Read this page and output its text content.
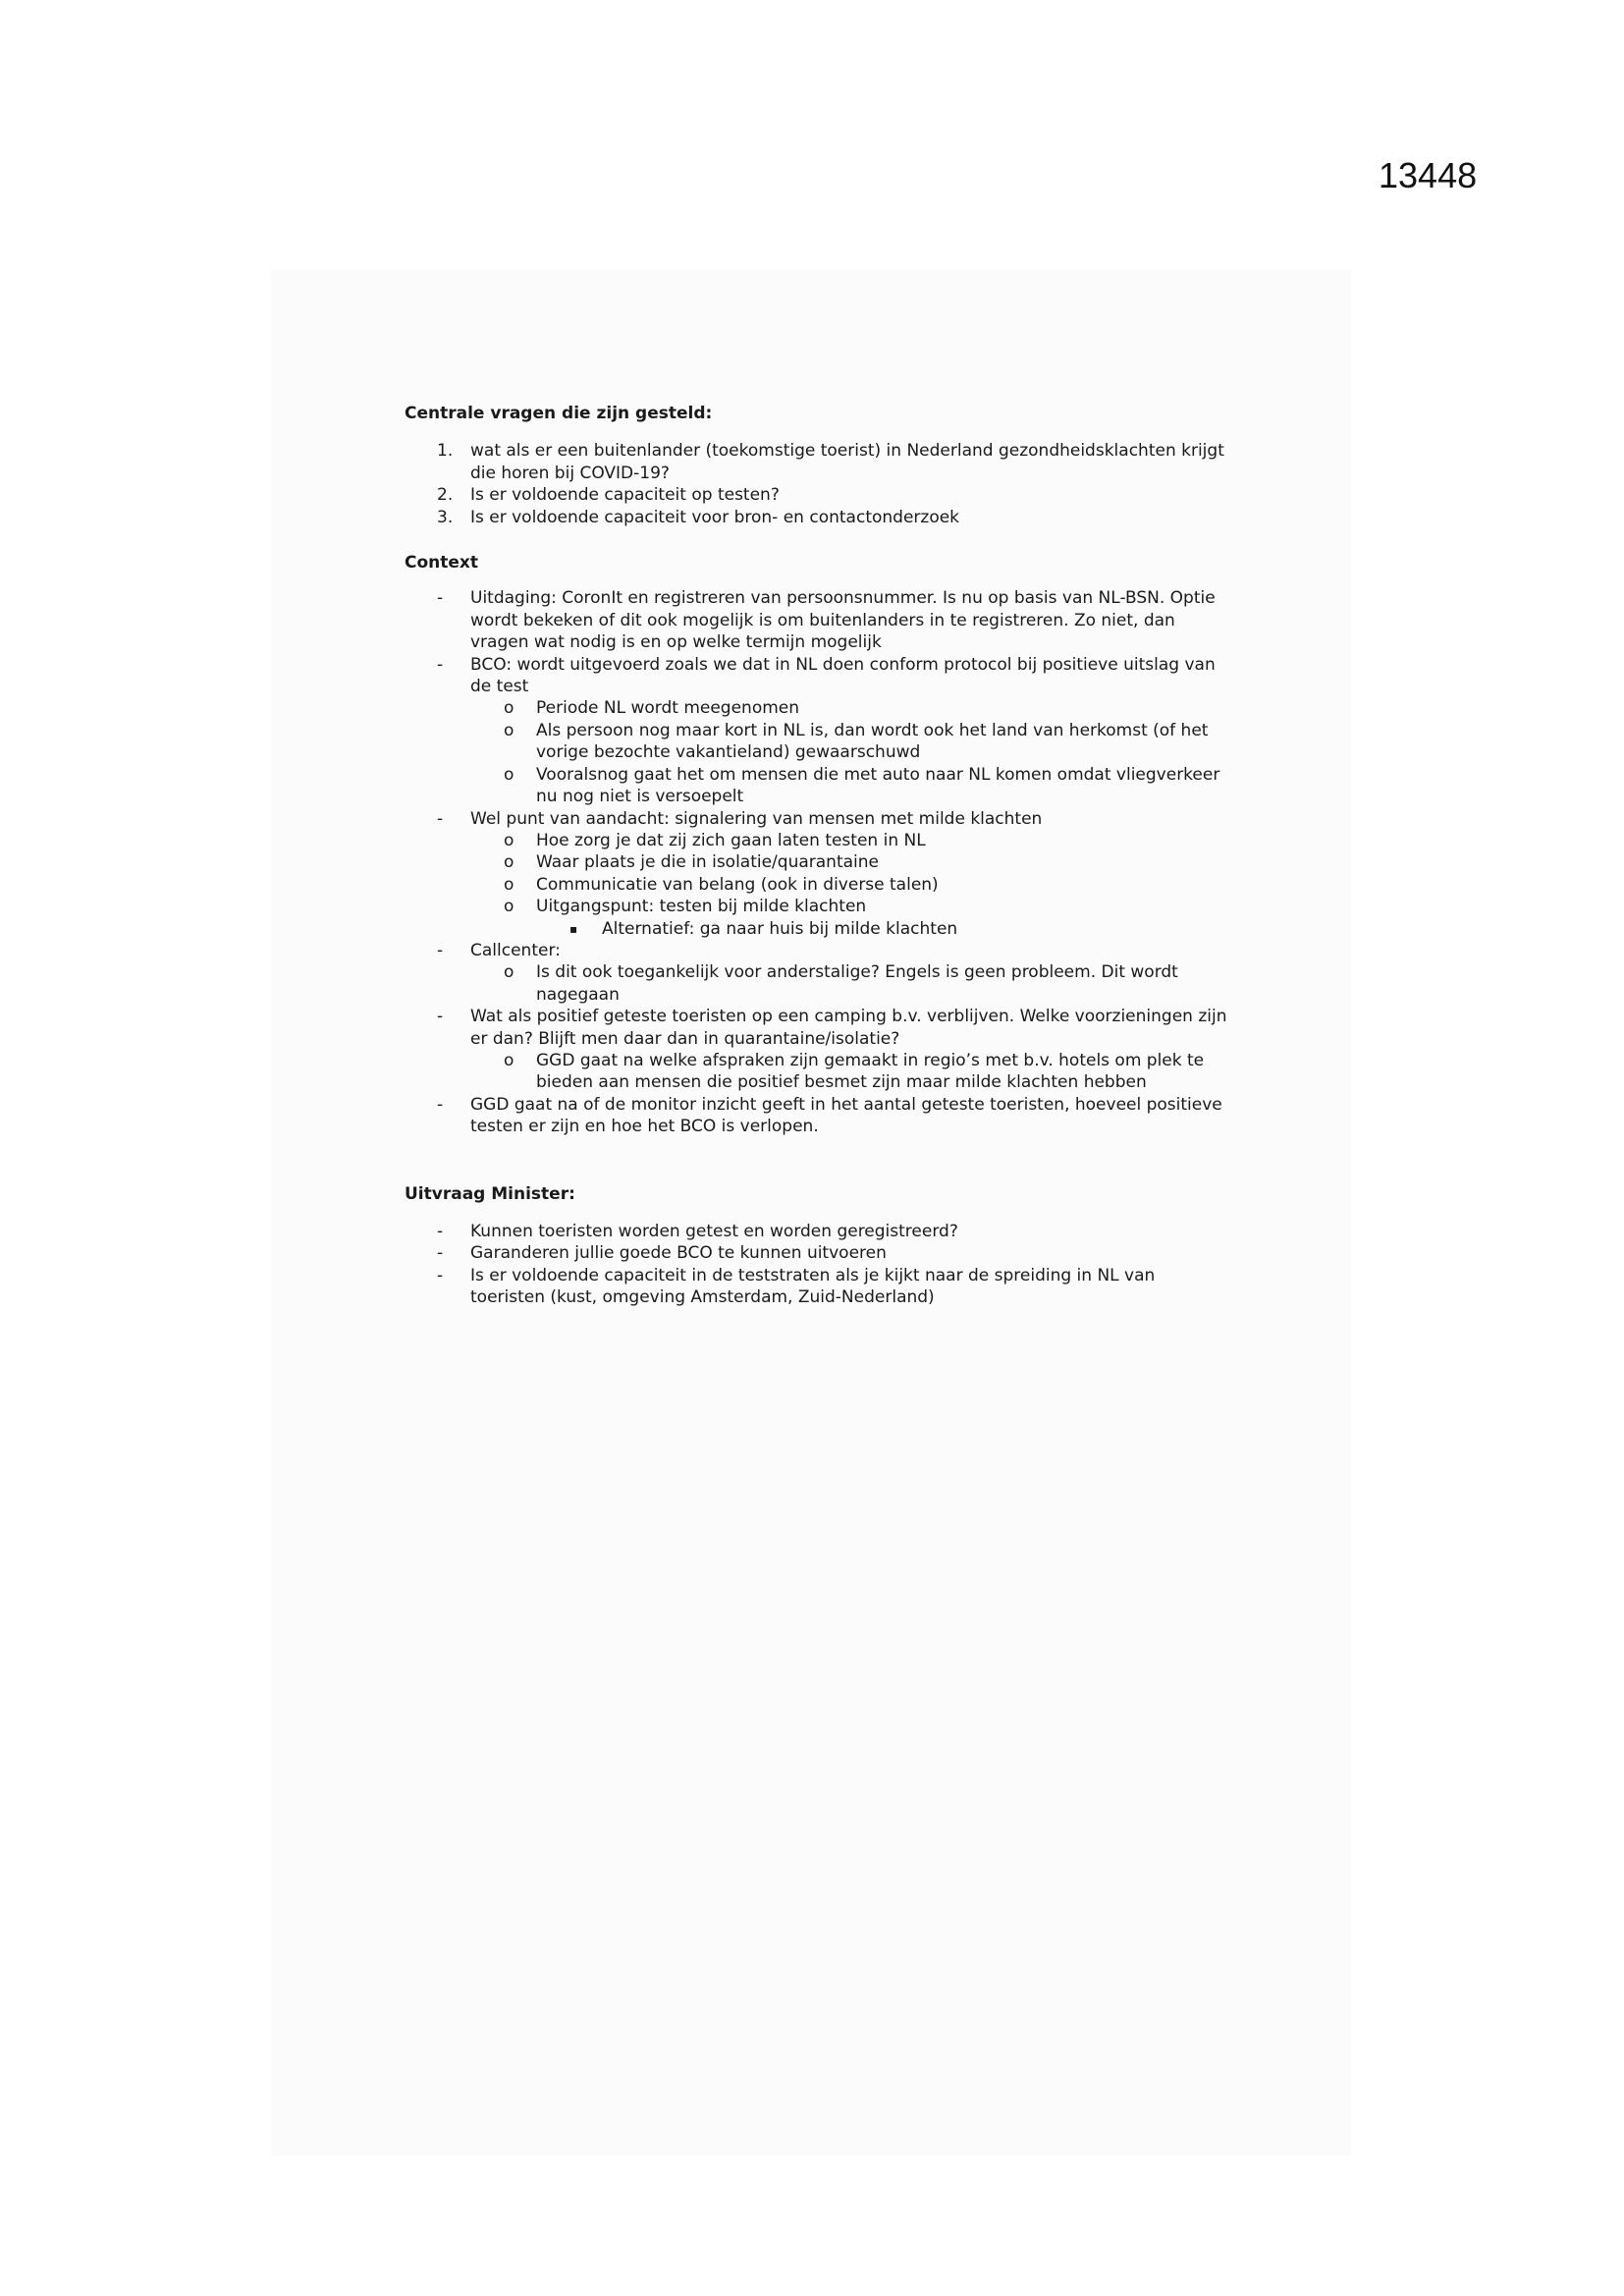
13448

Centrale vragen die zijn gesteld:

1. wat als er een buitenlander (toekomstige toerist) in Nederland gezondheidsklachten krijgt die horen bij COVID-19?
2. Is er voldoende capaciteit op testen?
3. Is er voldoende capaciteit voor bron- en contactonderzoek

Context

- Uitdaging: CoronIt en registreren van persoonsnummer. Is nu op basis van NL-BSN. Optie wordt bekeken of dit ook mogelijk is om buitenlanders in te registreren. Zo niet, dan vragen wat nodig is en op welke termijn mogelijk
- BCO: wordt uitgevoerd zoals we dat in NL doen conform protocol bij positieve uitslag van de test
o Periode NL wordt meegenomen
o Als persoon nog maar kort in NL is, dan wordt ook het land van herkomst (of het vorige bezochte vakantieland) gewaarschuwd
o Vooralsnog gaat het om mensen die met auto naar NL komen omdat vliegverkeer nu nog niet is versoepelt
- Wel punt van aandacht: signalering van mensen met milde klachten
o Hoe zorg je dat zij zich gaan laten testen in NL
o Waar plaats je die in isolatie/quarantaine
o Communicatie van belang (ook in diverse talen)
o Uitgangspunt: testen bij milde klachten
▪ Alternatief: ga naar huis bij milde klachten
- Callcenter:
o Is dit ook toegankelijk voor anderstalige? Engels is geen probleem. Dit wordt nagegaan
- Wat als positief geteste toeristen op een camping b.v. verblijven. Welke voorzieningen zijn er dan? Blijft men daar dan in quarantaine/isolatie?
o GGD gaat na welke afspraken zijn gemaakt in regio’s met b.v. hotels om plek te bieden aan mensen die positief besmet zijn maar milde klachten hebben
- GGD gaat na of de monitor inzicht geeft in het aantal geteste toeristen, hoeveel positieve testen er zijn en hoe het BCO is verlopen.

Uitvraag Minister:

- Kunnen toeristen worden getest en worden geregistreerd?
- Garanderen jullie goede BCO te kunnen uitvoeren
- Is er voldoende capaciteit in de teststraten als je kijkt naar de spreiding in NL van toeristen (kust, omgeving Amsterdam, Zuid-Nederland)
